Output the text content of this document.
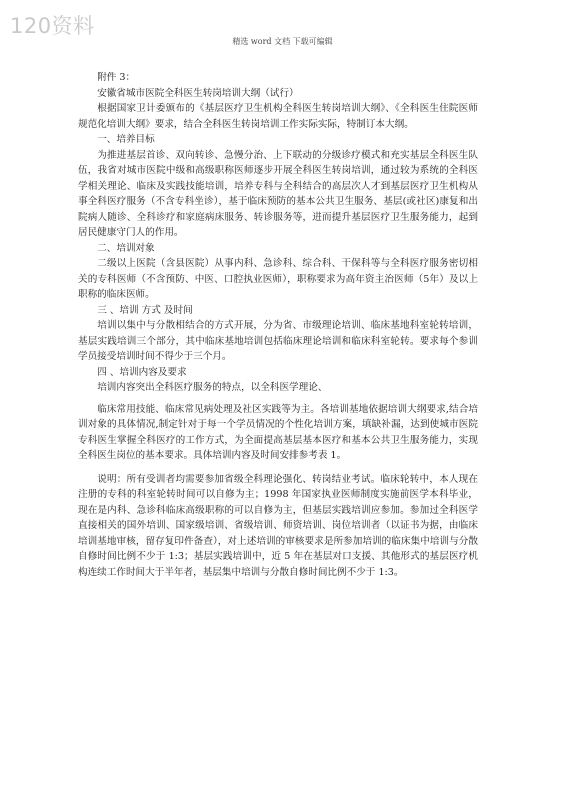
120资料
精选 word 文档 下载可编辑

附件 3：

安徽省城市医院全科医生转岗培训大纲（试行）

根据国家卫计委颁布的《基层医疗卫生机构全科医生转岗培训大纲》、《全科医生住院医师规范化培训大纲》要求，结合全科医生转岗培训工作实际实际，特制订本大纲。

一、培养目标

为推进基层首诊、双向转诊、急慢分治、上下联动的分级诊疗模式和充实基层全科医生队伍，我省对城市医院中级和高级职称医师逐步开展全科医生转岗培训，通过较为系统的全科医学相关理论、临床及实践技能培训，培养专科与全科结合的高层次人才到基层医疗卫生机构从事全科医疗服务（不含专科坐诊），基于临床预防的基本公共卫生服务、基层(或社区)康复和出院病人随诊、全科诊疗和家庭病床服务、转诊服务等，进而提升基层医疗卫生服务能力，起到居民健康守门人的作用。

二、培训对象

二级以上医院（含县医院）从事内科、急诊科、综合科、干保科等与全科医疗服务密切相关的专科医师（不含预防、中医、口腔执业医师），职称要求为高年资主治医师（5年）及以上职称的临床医师。

三 、培训 方式 及时间

培训以集中与分散相结合的方式开展，分为省、市级理论培训、临床基地科室轮转培训，基层实践培训三个部分，其中临床基地培训包括临床理论培训和临床科室轮转。要求每个参训学员接受培训时间不得少于三个月。

四 、培训内容及要求

培训内容突出全科医疗服务的特点，以全科医学理论、

临床常用技能、临床常见病处理及社区实践等为主。各培训基地依据培训大纲要求,结合培训对象的具体情况,制定针对于每一个学员情况的个性化培训方案，填缺补漏，达到使城市医院专科医生掌握全科医疗的工作方式，为全面提高基层基本医疗和基本公共卫生服务能力，实现全科医生岗位的基本要求。具体培训内容及时间安排参考表 1。

说明：所有受训者均需要参加省级全科理论强化、转岗结业考试。临床轮转中，本人现在注册的专科的科室轮转时间可以自修为主；1998 年国家执业医师制度实施前医学本科毕业，现在是内科、急诊科临床高级职称的可以自修为主，但基层实践培训应参加。参加过全科医学直接相关的国外培训、国家级培训、省级培训、师资培训、岗位培训者（以证书为据，由临床培训基地审核，留存复印件备查），对上述培训的审核要求是所参加培训的临床集中培训与分散自修时间比例不少于 1:3；基层实践培训中，近 5 年在基层对口支援、其他形式的基层医疗机构连续工作时间大于半年者，基层集中培训与分散自修时间比例不少于 1:3。
